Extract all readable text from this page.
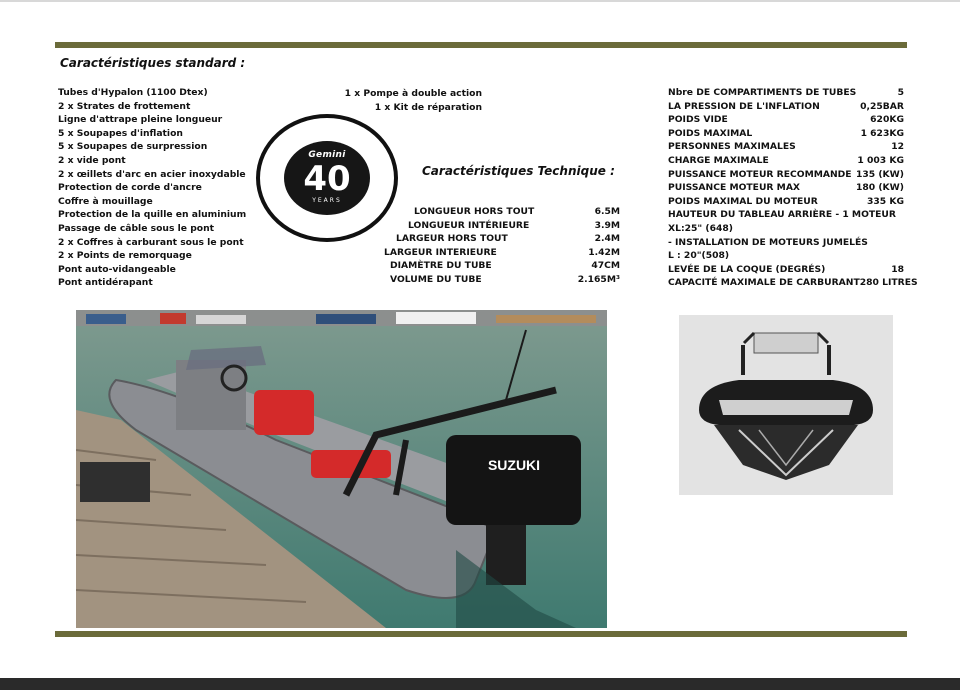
Caractéristiques standard :
Tubes d'Hypalon (1100 Dtex)
2 x Strates de frottement
Ligne d'attrape pleine longueur
5 x Soupapes d'inflation
5 x Soupapes de surpression
2 x vide pont
2 x œillets d'arc en acier inoxydable
Protection de corde d'ancre
Coffre à mouillage
Protection de la quille en aluminium
Passage de câble sous le pont
2 x Coffres à carburant sous le pont
2 x Points de remorquage
Pont auto-vidangeable
Pont antidérapant
1 x Pompe à double action
1 x Kit de réparation
Gemini
40
YEARS
Caractéristiques Technique :
LONGUEUR HORS TOUT	6.5M
LONGUEUR INTÉRIEURE	3.9M
LARGEUR HORS TOUT	2.4M
LARGEUR INTERIEURE	1.42M
DIAMÈTRE DU TUBE	47CM
VOLUME DU TUBE	2.165M³
Nbre DE COMPARTIMENTS DE TUBES	5
LA PRESSION DE L'INFLATION	0,25BAR
POIDS VIDE	620KG
POIDS MAXIMAL	1 623KG
PERSONNES MAXIMALES	12
CHARGE MAXIMALE	1 003 KG
PUISSANCE MOTEUR RECOMMANDE 135 (KW)
PUISSANCE MOTEUR MAX	180 (KW)
POIDS MAXIMAL DU MOTEUR	335 KG
HAUTEUR DU TABLEAU ARRIÈRE - 1 MOTEUR
XL:25" (648)
- INSTALLATION DE MOTEURS JUMELÉS
L : 20"(508)
LEVÉE DE LA COQUE (DEGRÉS)	18
CAPACITÉ MAXIMALE DE CARBURANT 280 LITRES
SUZUKI
